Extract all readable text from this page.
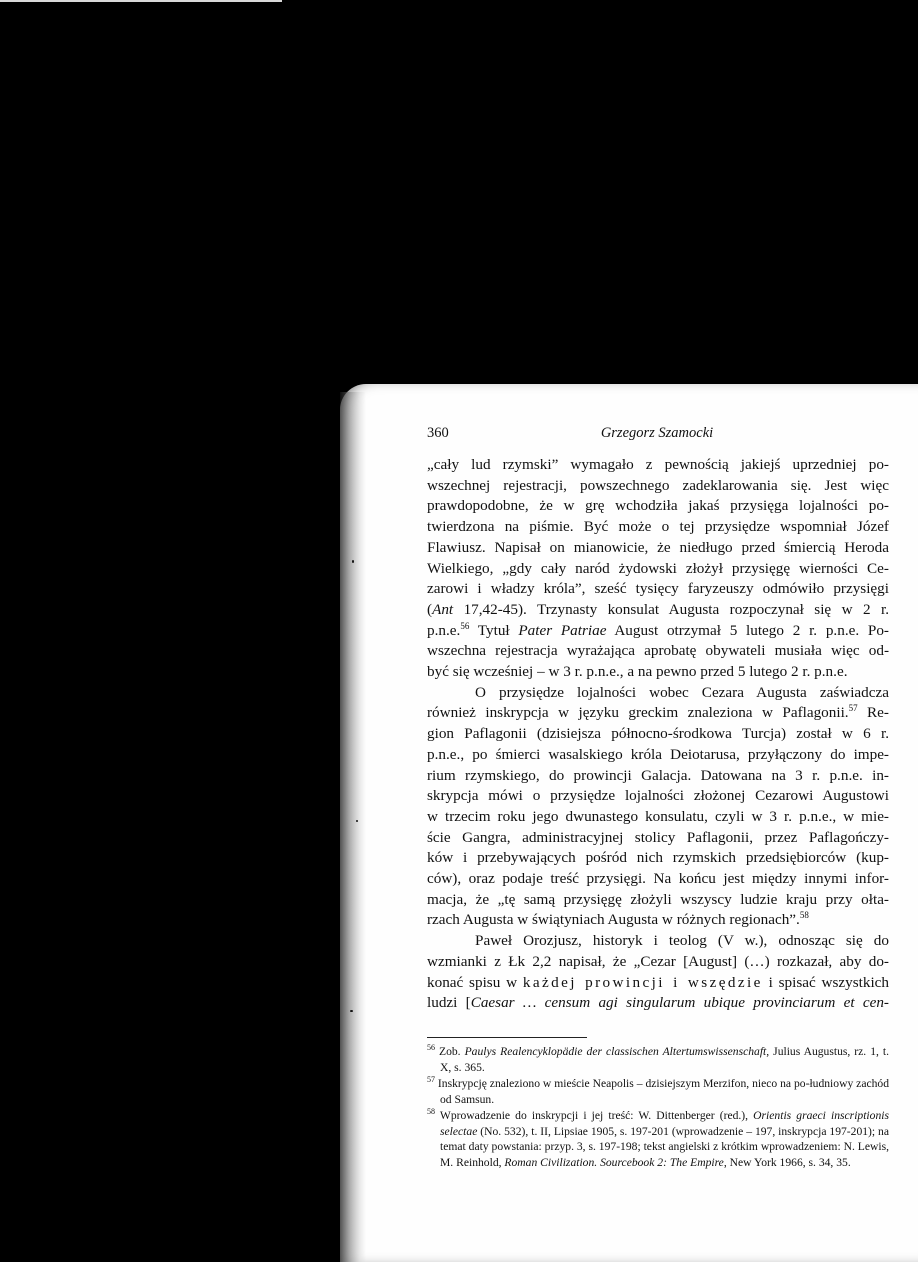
360	Grzegorz Szamocki

„cały lud rzymski” wymagało z pewnością jakiejś uprzedniej po-
wszechnej rejestracji, powszechnego zadeklarowania się. Jest więc
prawdopodobne, że w grę wchodziła jakaś przysięga lojalności po-
twierdzona na piśmie. Być może o tej przysiędze wspomniał Józef
Flawiusz. Napisał on mianowicie, że niedługo przed śmiercią Heroda
Wielkiego, „gdy cały naród żydowski złożył przysięgę wierności Ce-
zarowi i władzy króla”, sześć tysięcy faryzeuszy odmówiło przysięgi
(Ant 17,42-45). Trzynasty konsulat Augusta rozpoczynał się w 2 r.
p.n.e.$^{56}$ Tytuł Pater Patriae August otrzymał 5 lutego 2 r. p.n.e. Po-
wszechna rejestracja wyrażająca aprobatę obywateli musiała więc od-
być się wcześniej – w 3 r. p.n.e., a na pewno przed 5 lutego 2 r. p.n.e.

O przysiędze lojalności wobec Cezara Augusta zaświadcza
również inskrypcja w języku greckim znaleziona w Paflagonii.$^{57}$ Re-
gion Paflagonii (dzisiejsza północno-środkowa Turcja) został w 6 r.
p.n.e., po śmierci wasalskiego króla Deiotarusa, przyłączony do impe-
rium rzymskiego, do prowincji Galacja. Datowana na 3 r. p.n.e. in-
skrypcja mówi o przysiędze lojalności złożonej Cezarowi Augustowi
w trzecim roku jego dwunastego konsulatu, czyli w 3 r. p.n.e., w mie-
ście Gangra, administracyjnej stolicy Paflagonii, przez Paflagończy-
ków i przebywających pośród nich rzymskich przedsiębiorców (kup-
ców), oraz podaje treść przysięgi. Na końcu jest między innymi infor-
macja, że „tę samą przysięgę złożyli wszyscy ludzie kraju przy ołta-
rzach Augusta w świątyniach Augusta w różnych regionach”.$^{58}$

Paweł Orozjusz, historyk i teolog (V w.), odnosząc się do
wzmianki z Łk 2,2 napisał, że „Cezar [August] (…) rozkazał, aby do-
konać spisu w każdej prowincji i wszędzie i spisać wszystkich
ludzi [Caesar … censum agi singularum ubique provinciarum et cen-

$^{56}$ Zob. Paulys Realencyklopädie der classischen Altertumswissenschaft, Julius Augustus, rz. 1, t. X, s. 365.

$^{57}$ Inskrypcję znaleziono w mieście Neapolis – dzisiejszym Merzifon, nieco na po-łudniowy zachód od Samsun.

$^{58}$ Wprowadzenie do inskrypcji i jej treść: W. Dittenberger (red.), Orientis graeci inscriptionis selectae (No. 532), t. II, Lipsiae 1905, s. 197-201 (wprowadzenie – 197, inskrypcja 197-201); na temat daty powstania: przyp. 3, s. 197-198; tekst angielski z krótkim wprowadzeniem: N. Lewis, M. Reinhold, Roman Civilization. Sourcebook 2: The Empire, New York 1966, s. 34, 35.
